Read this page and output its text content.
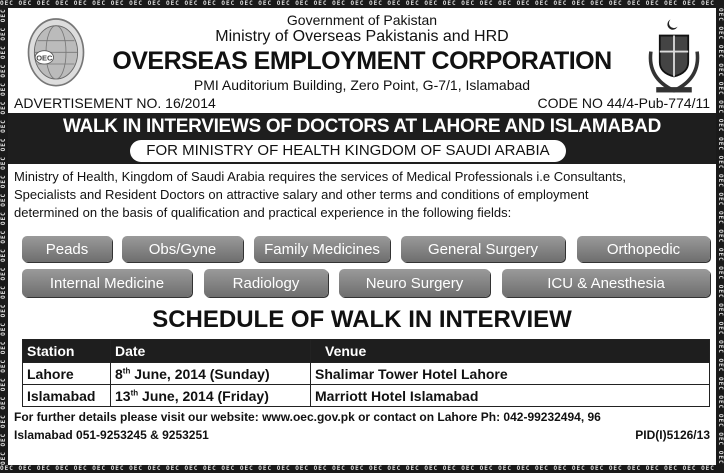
OEC OEC OEC OEC OEC OEC OEC OEC OEC OEC OEC OEC OEC OEC OEC OEC OEC OEC OEC OEC OEC OEC OEC OEC OEC OEC OEC OEC OEC OEC OEC OEC OEC OEC OEC OEC OEC OEC OEC
OEC OEC OEC OEC OEC OEC OEC OEC OEC OEC OEC OEC OEC OEC OEC OEC OEC OEC OEC OEC OEC OEC OEC OEC OEC OEC OEC OEC OEC OEC OEC OEC OEC OEC OEC OEC OEC OEC OEC
OEC OEC OEC OEC OEC OEC OEC OEC OEC OEC OEC OEC OEC OEC OEC OEC OEC OEC OEC OEC OEC OEC OEC OEC OEC	OEC OEC OEC OEC OEC OEC OEC OEC OEC OEC OEC OEC OEC OEC OEC OEC OEC OEC OEC OEC OEC OEC OEC OEC OEC
OEC
Government of Pakistan
Ministry of Overseas Pakistanis and HRD
OVERSEAS EMPLOYMENT CORPORATION
PMI Auditorium Building, Zero Point, G-7/1, Islamabad
ADVERTISEMENT NO. 16/2014	CODE NO 44/4-Pub-774/11
WALK IN INTERVIEWS OF DOCTORS AT LAHORE AND ISLAMABAD
FOR MINISTRY OF HEALTH KINGDOM OF SAUDI ARABIA
Ministry of Health, Kingdom of Saudi Arabia requires the services of Medical Professionals i.e Consultants,
Specialists and Resident Doctors on attractive salary and other terms and conditions of employment
determined on the basis of qualification and practical experience in the following fields:
Peads	Obs/Gyne	Family Medicines	General Surgery	Orthopedic
Internal Medicine	Radiology	Neuro Surgery	ICU & Anesthesia
SCHEDULE OF WALK IN INTERVIEW
Station	Date	Venue
Lahore	8th June, 2014 (Sunday)	Shalimar Tower Hotel Lahore
Islamabad	13th June, 2014 (Friday)	Marriott Hotel Islamabad
For further details please visit our website: www.oec.gov.pk or contact on Lahore Ph: 042-99232494, 96
Islamabad 051-9253245 & 9253251	PID(I)5126/13
